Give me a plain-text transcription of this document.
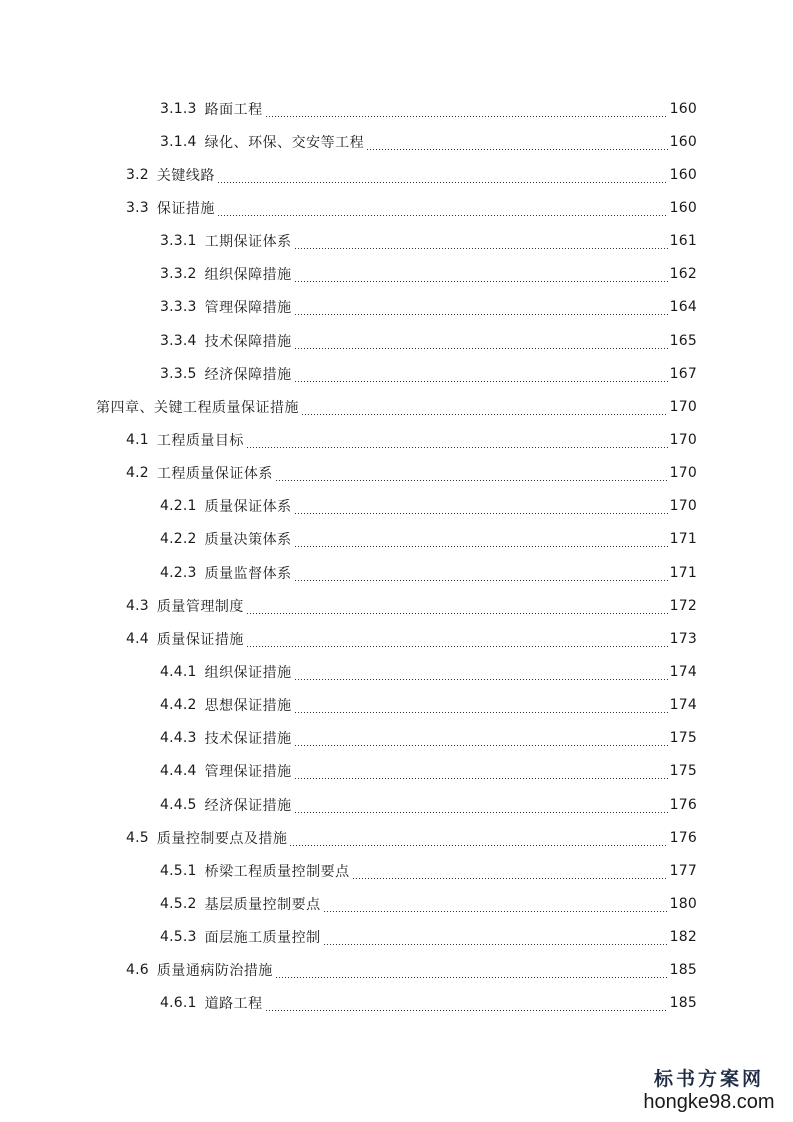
3.1.3 路面工程	160
3.1.4 绿化、环保、交安等工程	160
3.2 关键线路	160
3.3 保证措施	160
3.3.1 工期保证体系	161
3.3.2 组织保障措施	162
3.3.3 管理保障措施	164
3.3.4 技术保障措施	165
3.3.5 经济保障措施	167
第四章、关键工程质量保证措施	170
4.1 工程质量目标	170
4.2 工程质量保证体系	170
4.2.1 质量保证体系	170
4.2.2 质量决策体系	171
4.2.3 质量监督体系	171
4.3 质量管理制度	172
4.4 质量保证措施	173
4.4.1 组织保证措施	174
4.4.2 思想保证措施	174
4.4.3 技术保证措施	175
4.4.4 管理保证措施	175
4.4.5 经济保证措施	176
4.5 质量控制要点及措施	176
4.5.1 桥梁工程质量控制要点	177
4.5.2 基层质量控制要点	180
4.5.3 面层施工质量控制	182
4.6 质量通病防治措施	185
4.6.1 道路工程	185
标书方案网
hongke98.com
